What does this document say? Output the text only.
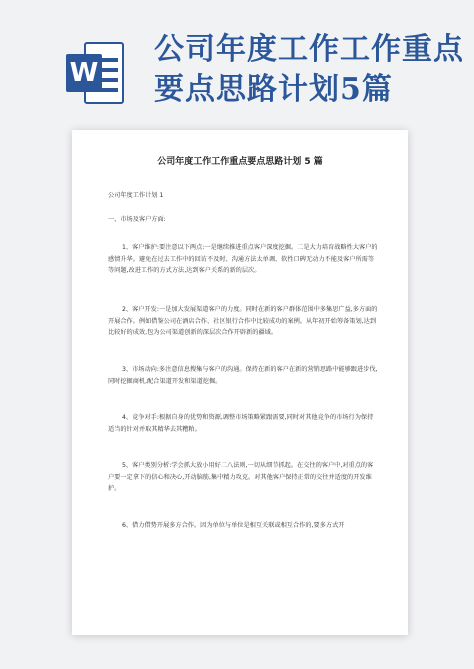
W
公司年度工作工作重点要点思路计划5篇
公司年度工作工作重点要点思路计划 5 篇
公司年度工作计划 1
一、市场及客户方面:
1、客户维护:要注意以下两点:一是继续推进重点客户深度挖掘。二是大力培育战略性大客户的感情升华。避免在过去工作中的回访不及时、沟通方法太单调、软性口碑无动力不能及客户所需等等问题,改进工作的方式方法,达到客户关系的新的层次。
2、客户开发:一是加大发展渠道客户的力度。同时在新的客户群体范围中多集思广益,多方面的开展合作。例如借鉴公司在酒店合作、社区银行合作中比较成功的案例。从年初开始筹备策划,达到比较好的成效,包为公司渠道创新的深层次合作开辟新的疆域。
3、市场动向:多注意信息搜集与客户的沟通。保持在新的客户在新的营销思路中能够跟进步伐,同时挖掘商机,配合渠道开发和渠道挖掘。
4、竞争对手:根据自身的优势和资源,调整市场策略紧跟需要,同时对其他竞争的市场行为保持适当的针对并取其精华去其糟粕。
5、客户类别分析:学会抓大放小用好二八法则,一切从细节抓起。在交往的客户中,对重点的客户要一定拿下的信心和决心,开动脑筋,集中精力攻克。对其他客户保持正常的交往并适度的开发维护。
6、借力借势开展多方合作。因为单位与单位是相互关联或相互合作的,要多方式开
